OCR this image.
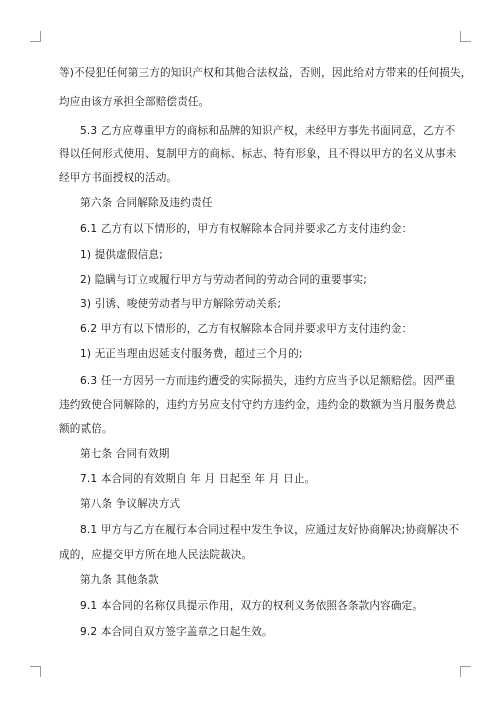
等)不侵犯任何第三方的知识产权和其他合法权益，否则，因此给对方带来的任何损失，
均应由该方承担全部赔偿责任。
5.3 乙方应尊重甲方的商标和品牌的知识产权，未经甲方事先书面同意，乙方不
得以任何形式使用、复制甲方的商标、标志、特有形象，且不得以甲方的名义从事未
经甲方书面授权的活动。
第六条 合同解除及违约责任
6.1 乙方有以下情形的，甲方有权解除本合同并要求乙方支付违约金：
1) 提供虚假信息;
2) 隐瞒与订立或履行甲方与劳动者间的劳动合同的重要事实;
3) 引诱、唆使劳动者与甲方解除劳动关系;
6.2 甲方有以下情形的，乙方有权解除本合同并要求甲方支付违约金：
1) 无正当理由迟延支付服务费，超过三个月的;
6.3 任一方因另一方而违约遭受的实际损失，违约方应当予以足额赔偿。因严重
违约致使合同解除的，违约方另应支付守约方违约金，违约金的数额为当月服务费总
额的贰倍。
第七条 合同有效期
7.1 本合同的有效期自 年 月 日起至 年 月 日止。
第八条 争议解决方式
8.1 甲方与乙方在履行本合同过程中发生争议，应通过友好协商解决;协商解决不
成的，应提交甲方所在地人民法院裁决。
第九条 其他条款
9.1 本合同的名称仅具提示作用，双方的权利义务依照各条款内容确定。
9.2 本合同自双方签字盖章之日起生效。
